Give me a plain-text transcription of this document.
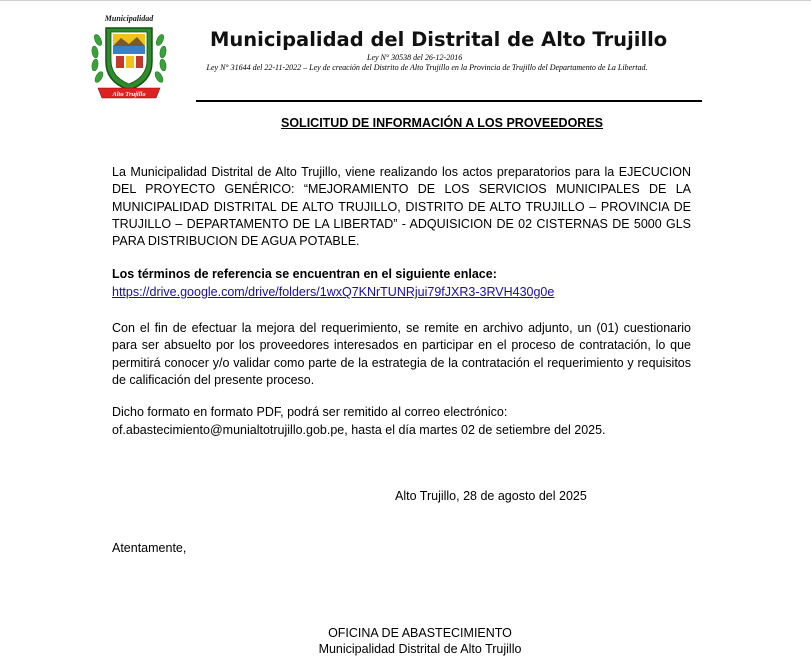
Municipalidad
Alto Trujillo
Municipalidad del Distrital de Alto Trujillo
Ley N° 30538 del 26-12-2016
Ley N° 31644 del 22-11-2022 – Ley de creación del Distrito de Alto Trujillo en la Provincia de Trujillo del Departamento de La Libertad.
SOLICITUD DE INFORMACIÓN A LOS PROVEEDORES

La Municipalidad Distrital de Alto Trujillo, viene realizando los actos preparatorios para la EJECUCION DEL PROYECTO GENÉRICO: “MEJORAMIENTO DE LOS SERVICIOS MUNICIPALES DE LA MUNICIPALIDAD DISTRITAL DE ALTO TRUJILLO, DISTRITO DE ALTO TRUJILLO – PROVINCIA DE TRUJILLO – DEPARTAMENTO DE LA LIBERTAD” - ADQUISICION DE 02 CISTERNAS DE 5000 GLS PARA DISTRIBUCION DE AGUA POTABLE.

Los términos de referencia se encuentran en el siguiente enlace:
https://drive.google.com/drive/folders/1wxQ7KNrTUNRjui79fJXR3-3RVH430g0e

Con el fin de efectuar la mejora del requerimiento, se remite en archivo adjunto, un (01) cuestionario para ser absuelto por los proveedores interesados en participar en el proceso de contratación, lo que permitirá conocer y/o validar como parte de la estrategia de la contratación el requerimiento y requisitos de calificación del presente proceso.

Dicho formato en formato PDF, podrá ser remitido al correo electrónico:
of.abastecimiento@munialtotrujillo.gob.pe, hasta el día martes 02 de setiembre del 2025.
Alto Trujillo, 28 de agosto del 2025
Atentamente,
OFICINA DE ABASTECIMIENTO
Municipalidad Distrital de Alto Trujillo
